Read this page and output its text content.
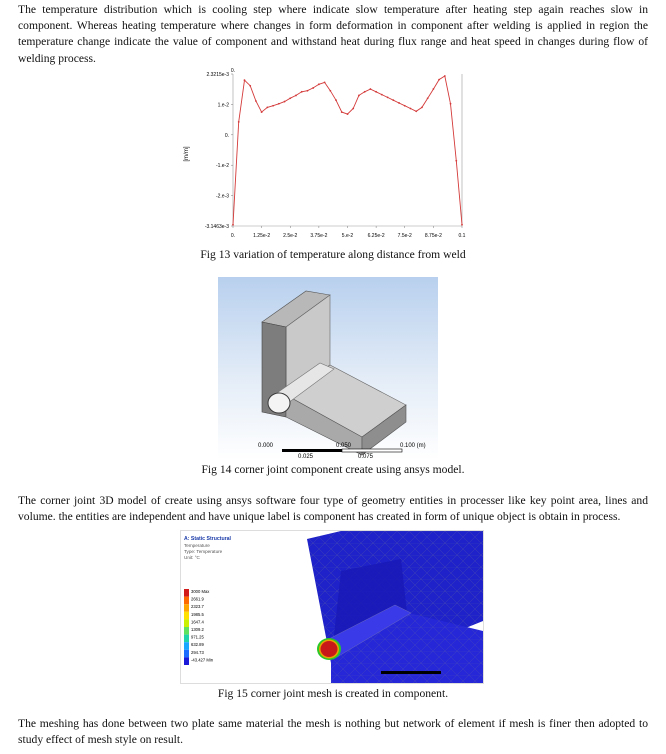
The temperature distribution which is cooling step where indicate slow temperature after heating step again reaches slow in component. Whereas heating temperature where changes in form deformation in component after welding is applied in region the temperature change indicate the value of component and withstand heat during flux range and heat speed in changes during flow of welding process.

[m/m]
0.
2.3215e-3
1.e-2
0.
-1.e-2
-2.e-3
-3.1463e-3
0.	1.25e-2	2.5e-2	3.75e-2	5.e-2	6.25e-2	7.5e-2	8.75e-2	0.1

Fig 13 variation of temperature along distance from weld

0.000	0.050	0.100 (m)
0.025	0.075

Fig 14 corner joint component create using ansys model.

The corner joint 3D model of create using ansys software four type of geometry entities in processer like key point area, lines and volume. the entities are independent and have unique label is component has created in form of unique object is obtain in process.

A: Static Structural
Temperature
Type: Temperature
Unit: °C
3000 Max
2661.9
2323.7
1985.5
1647.4
1309.2
971.25
632.89
294.73
-43.427 Min
0.

Fig 15 corner joint mesh is created in component.

The meshing has done between two plate same material the mesh is nothing but network of element if mesh is finer then adopted to study effect of mesh style on result.
